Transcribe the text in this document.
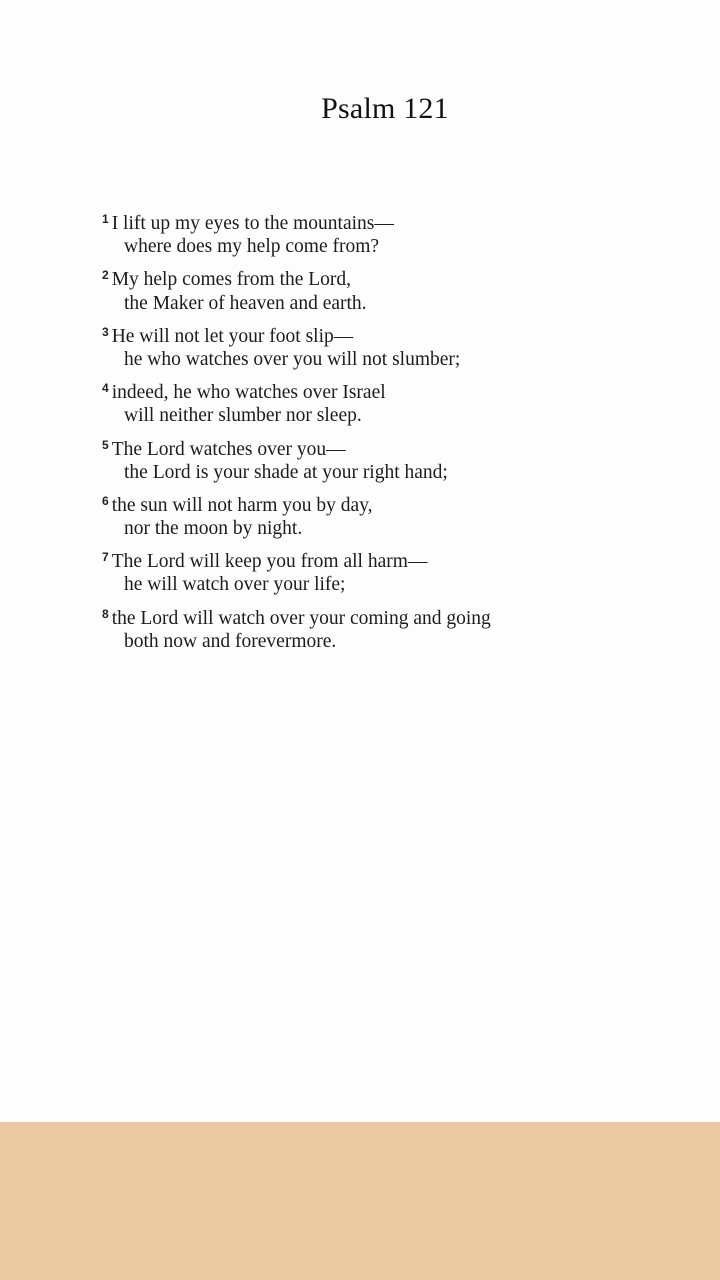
Psalm 121
1 I lift up my eyes to the mountains—
where does my help come from?
2 My help comes from the Lord,
the Maker of heaven and earth.
3 He will not let your foot slip—
he who watches over you will not slumber;
4 indeed, he who watches over Israel
will neither slumber nor sleep.
5 The Lord watches over you—
the Lord is your shade at your right hand;
6 the sun will not harm you by day,
nor the moon by night.
7 The Lord will keep you from all harm—
he will watch over your life;
8 the Lord will watch over your coming and going
both now and forevermore.
